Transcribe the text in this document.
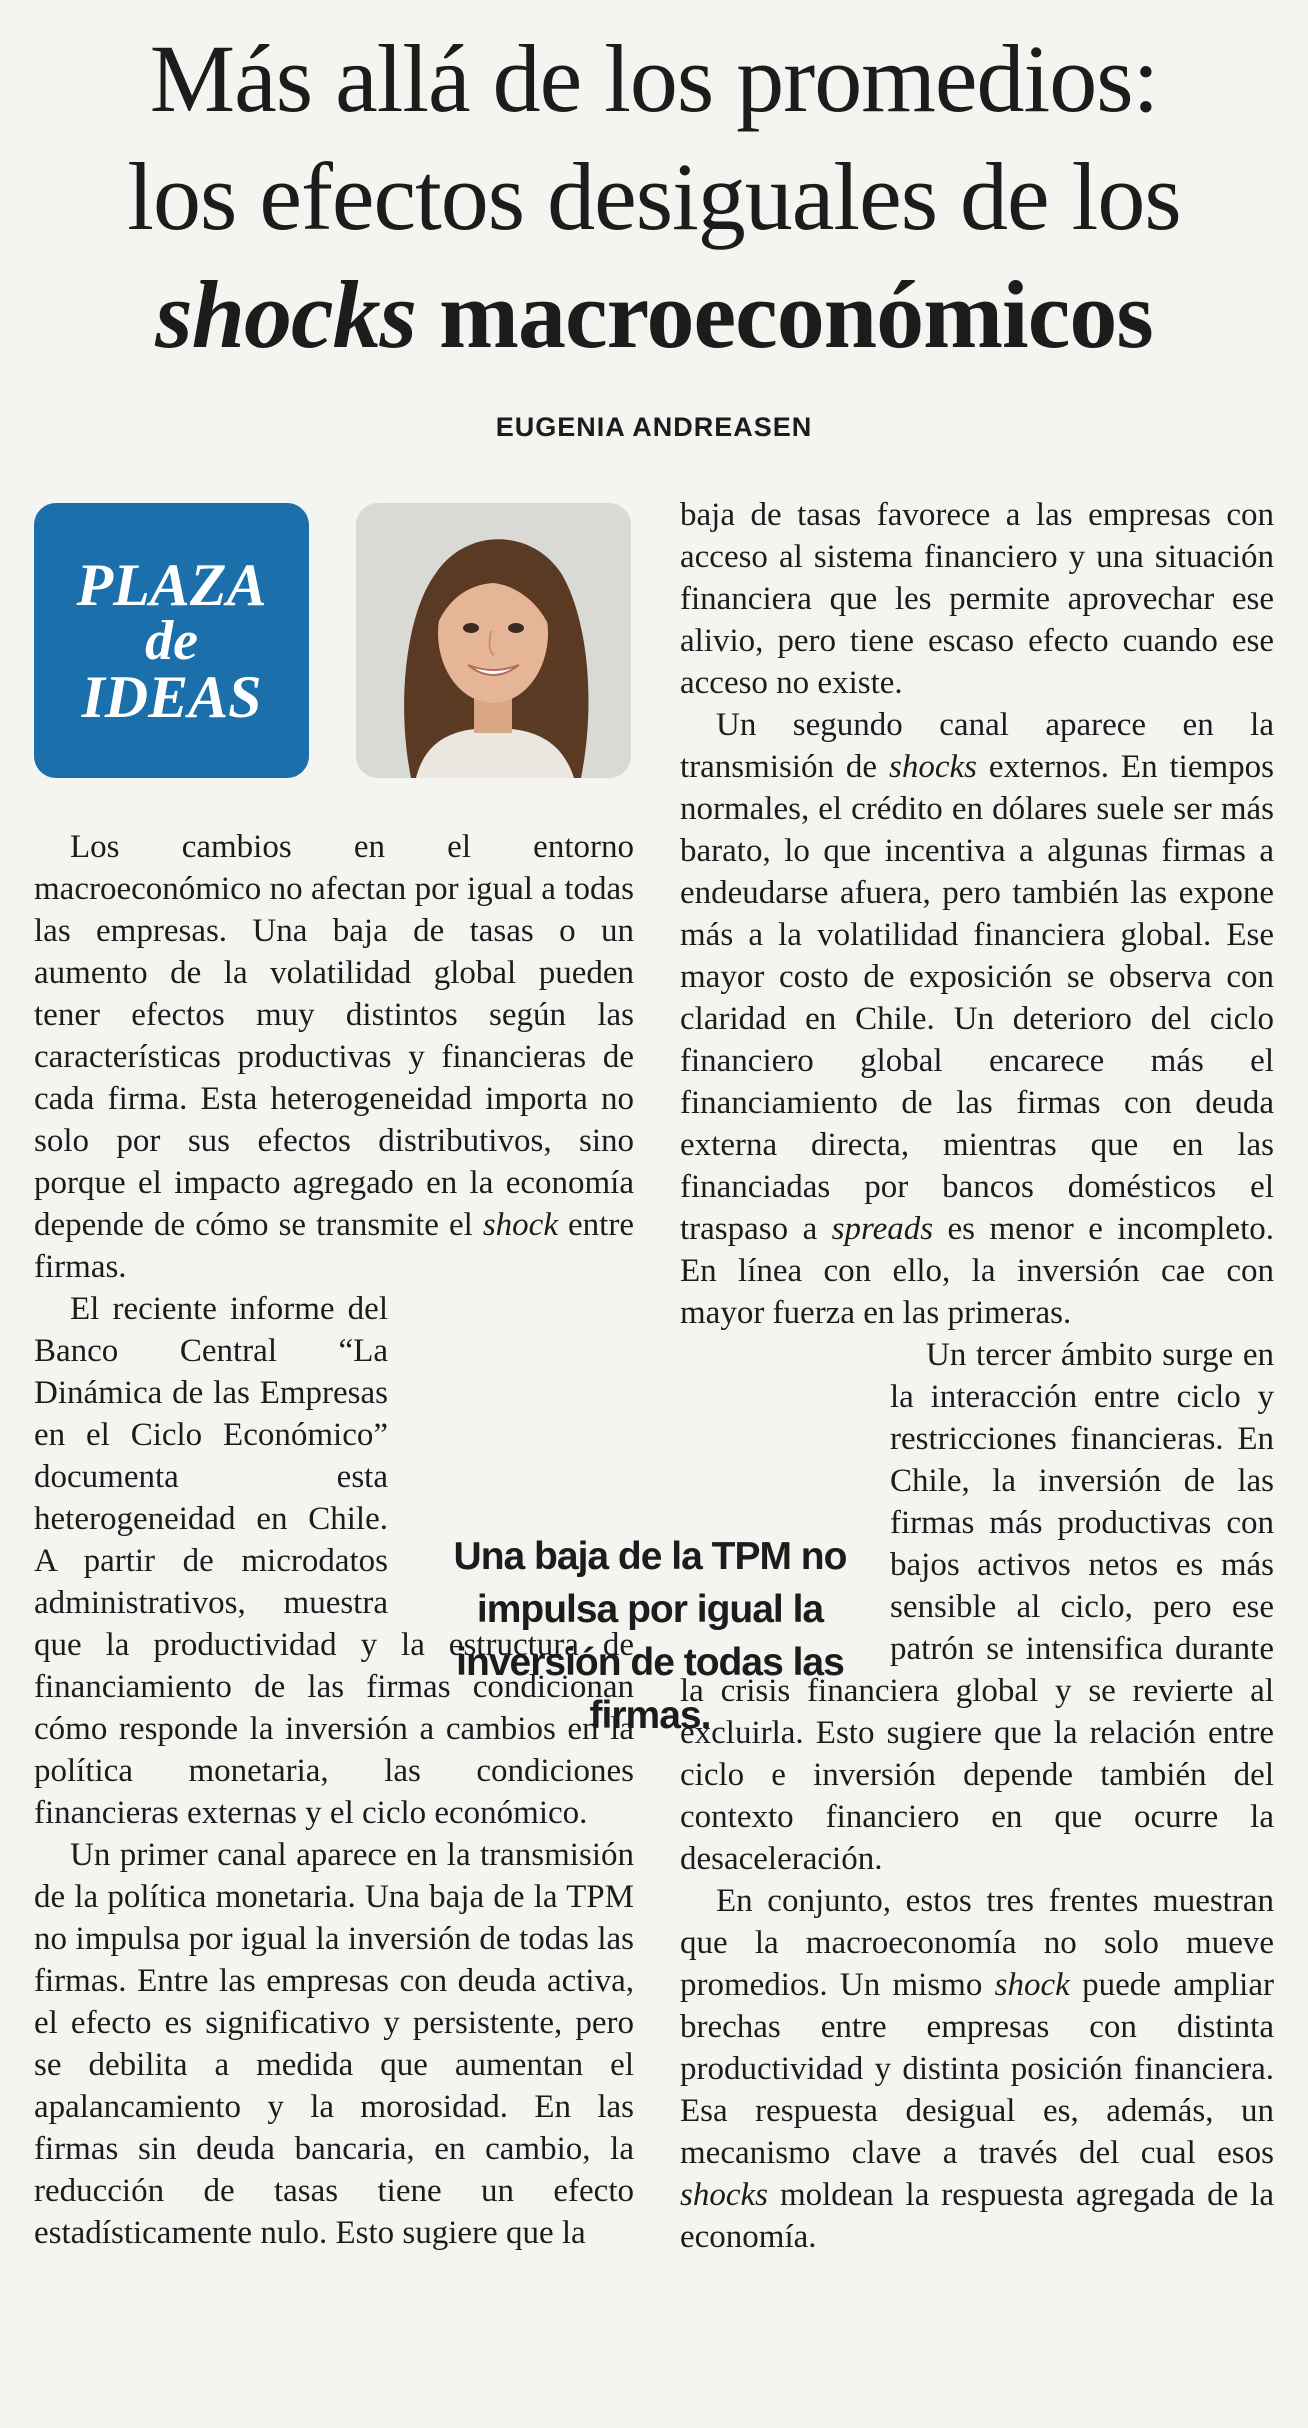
Más allá de los promedios:
los efectos desiguales de los
shocks macroeconómicos
EUGENIA ANDREASEN
PLAZA
de
IDEAS

Los cambios en el entorno macroeconómico no afectan por igual a todas las empresas. Una baja de tasas o un aumento de la volatilidad global pueden tener efectos muy distintos según las características productivas y financieras de cada firma. Esta heterogeneidad importa no solo por sus efectos distributivos, sino porque el impacto agregado en la economía depende de cómo se transmite el shock entre firmas.

El reciente informe del Banco Central “La Dinámica de las Empresas en el Ciclo Económico” documenta esta heterogeneidad en Chile. A partir de microdatos administrativos, muestra que la productividad y la estructura de financiamiento de las firmas condicionan cómo responde la inversión a cambios en la política monetaria, las condiciones financieras externas y el ciclo económico.

Un primer canal aparece en la transmisión de la política monetaria. Una baja de la TPM no impulsa por igual la inversión de todas las firmas. Entre las empresas con deuda activa, el efecto es significativo y persistente, pero se debilita a medida que aumentan el apalancamiento y la morosidad. En las firmas sin deuda bancaria, en cambio, la reducción de tasas tiene un efecto estadísticamente nulo. Esto sugiere que la

baja de tasas favorece a las empresas con acceso al sistema financiero y una situación financiera que les permite aprovechar ese alivio, pero tiene escaso efecto cuando ese acceso no existe.

Un segundo canal aparece en la transmisión de shocks externos. En tiempos normales, el crédito en dólares suele ser más barato, lo que incentiva a algunas firmas a endeudarse afuera, pero también las expone más a la volatilidad financiera global. Ese mayor costo de exposición se observa con claridad en Chile. Un deterioro del ciclo financiero global encarece más el financiamiento de las firmas con deuda externa directa, mientras que en las financiadas por bancos domésticos el traspaso a spreads es menor e incompleto. En línea con ello, la inversión cae con mayor fuerza en las primeras.

Un tercer ámbito surge en la interacción entre ciclo y restricciones financieras. En Chile, la inversión de las firmas más productivas con bajos activos netos es más sensible al ciclo, pero ese patrón se intensifica durante la crisis financiera global y se revierte al excluirla. Esto sugiere que la relación entre ciclo e inversión depende también del contexto financiero en que ocurre la desaceleración.

En conjunto, estos tres frentes muestran que la macroeconomía no solo mueve promedios. Un mismo shock puede ampliar brechas entre empresas con distinta productividad y distinta posición financiera. Esa respuesta desigual es, además, un mecanismo clave a través del cual esos shocks moldean la respuesta agregada de la economía.

Una baja de la TPM no impulsa por igual la inversión de todas las firmas.
